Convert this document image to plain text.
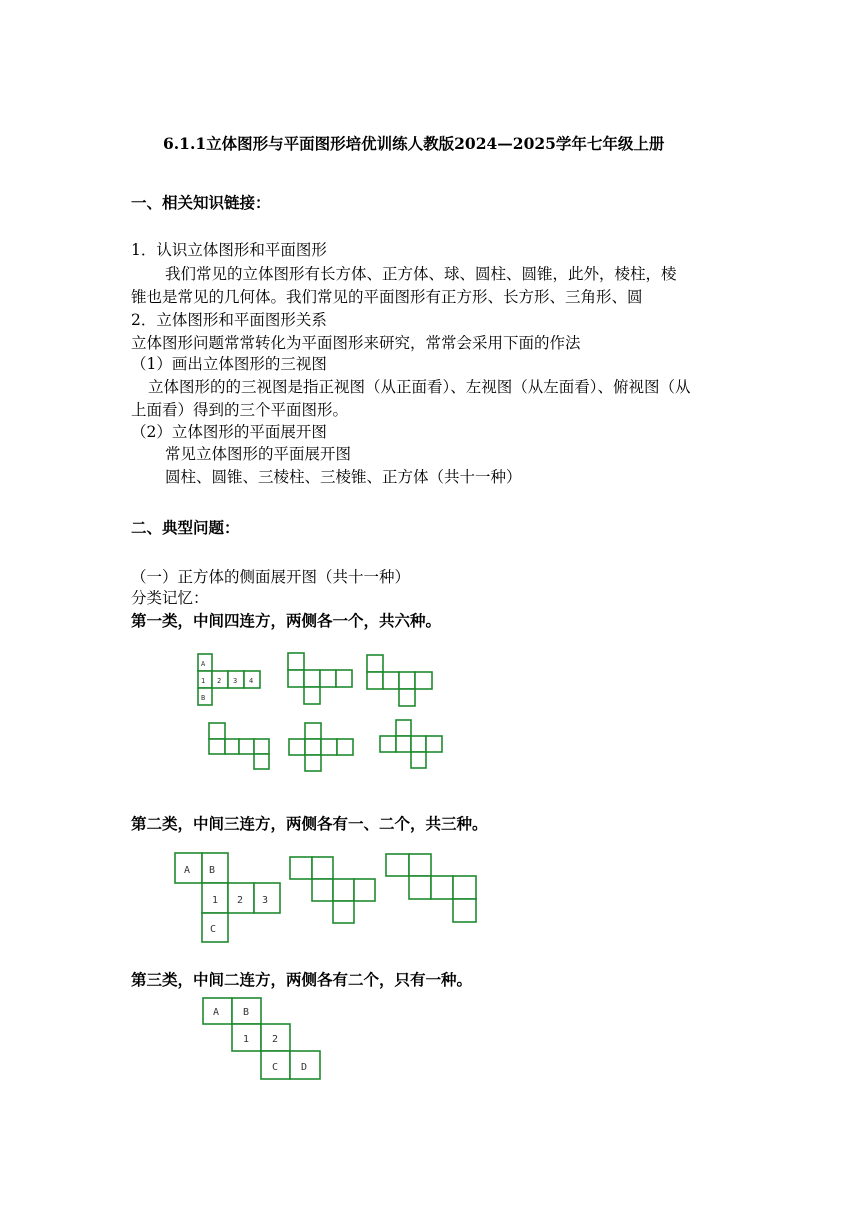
6.1.1立体图形与平面图形培优训练人教版2024—2025学年七年级上册
一、相关知识链接：
1．认识立体图形和平面图形
我们常见的立体图形有长方体、正方体、球、圆柱、圆锥，此外，棱柱，棱
锥也是常见的几何体。我们常见的平面图形有正方形、长方形、三角形、圆
2．立体图形和平面图形关系
立体图形问题常常转化为平面图形来研究，常常会采用下面的作法
（1）画出立体图形的三视图
立体图形的的三视图是指正视图（从正面看）、左视图（从左面看）、俯视图（从
上面看）得到的三个平面图形。
（2）立体图形的平面展开图
常见立体图形的平面展开图
圆柱、圆锥、三棱柱、三棱锥、正方体（共十一种）
二、典型问题：
（一）正方体的侧面展开图（共十一种）
分类记忆：
第一类，中间四连方，两侧各一个，共六种。
A
1 2 3 4
B
第二类，中间三连方，两侧各有一、二个，共三种。
A B
1 2 3
C
第三类，中间二连方，两侧各有二个，只有一种。
A B
1 2
C D
